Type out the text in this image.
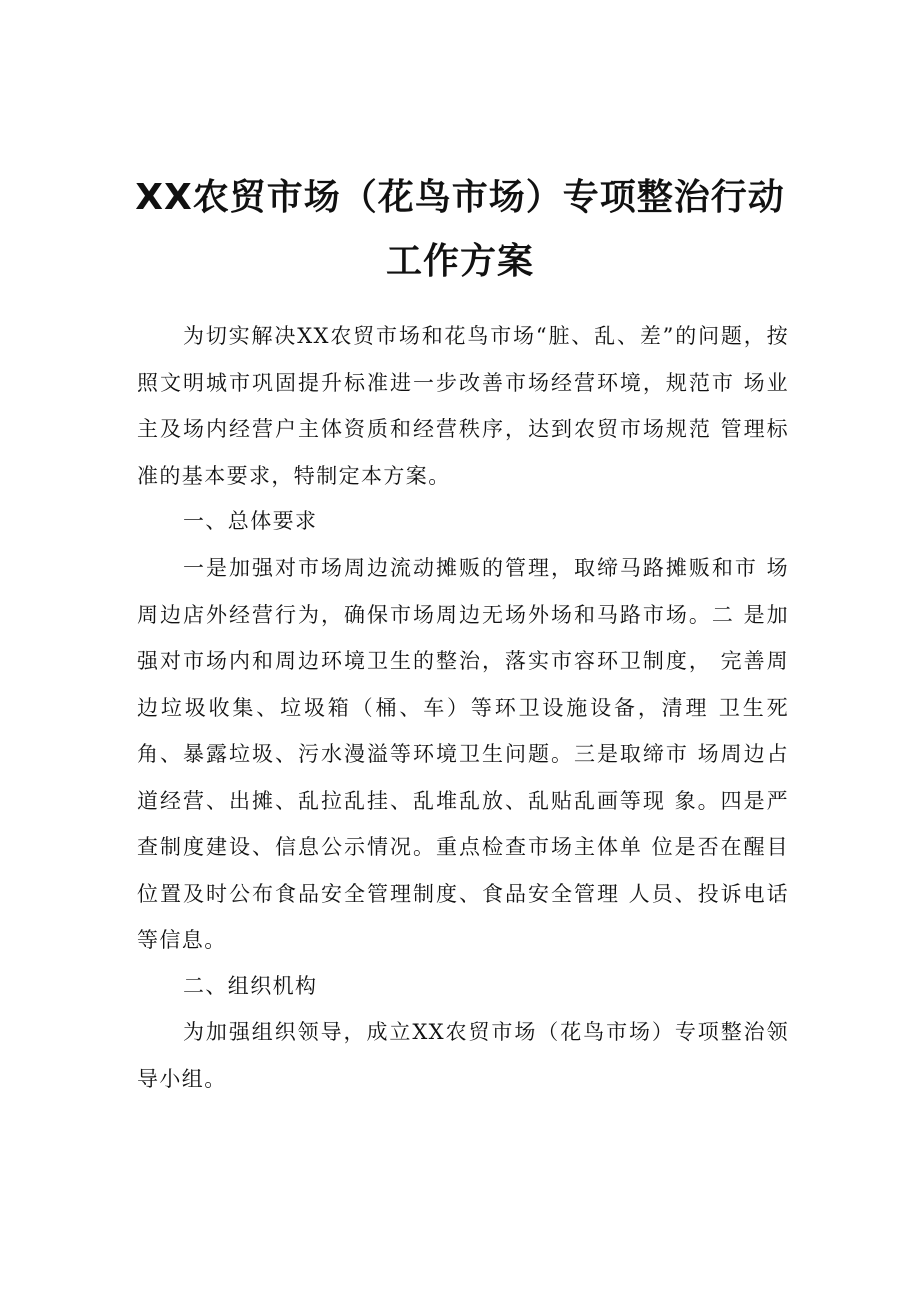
XX农贸市场（花鸟市场）专项整治行动
工作方案

为切实解决XX农贸市场和花鸟市场“脏、乱、差”的问题，按照文明城市巩固提升标准进一步改善市场经营环境，规范市 场业主及场内经营户主体资质和经营秩序，达到农贸市场规范 管理标准的基本要求，特制定本方案。

一、总体要求

一是加强对市场周边流动摊贩的管理，取缔马路摊贩和市 场周边店外经营行为，确保市场周边无场外场和马路市场。二 是加强对市场内和周边环境卫生的整治，落实市容环卫制度， 完善周边垃圾收集、垃圾箱（桶、车）等环卫设施设备，清理 卫生死角、暴露垃圾、污水漫溢等环境卫生问题。三是取缔市 场周边占道经营、出摊、乱拉乱挂、乱堆乱放、乱贴乱画等现 象。四是严查制度建设、信息公示情况。重点检查市场主体单 位是否在醒目位置及时公布食品安全管理制度、食品安全管理 人员、投诉电话等信息。

二、组织机构

为加强组织领导，成立XX农贸市场（花鸟市场）专项整治领导小组。
